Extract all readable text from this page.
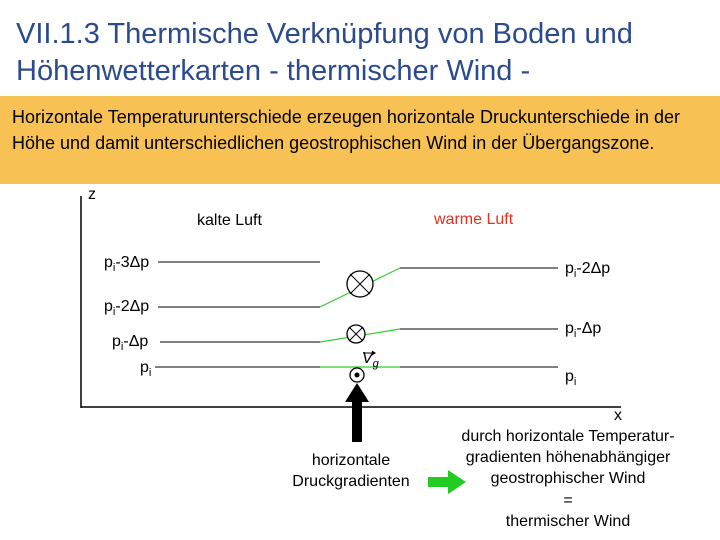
VII.1.3 Thermische Verknüpfung von Boden und Höhenwetterkarten - thermischer Wind -
Horizontale Temperaturunterschiede erzeugen horizontale Druckunterschiede in der Höhe und damit unterschiedlichen geostrophischen Wind in der Übergangszone.
z
x
kalte Luft	warme Luft
$p_i-3\Delta p$
$p_i-2\Delta p$
$p_i-\Delta p$
$p_i$
$p_i-2\Delta p$
$p_i-\Delta p$
$p_i$
$V_g$
horizontale
Druckgradienten
durch horizontale Temperatur-
gradienten höhenabhängiger
geostrophischer Wind
=
thermischer Wind
